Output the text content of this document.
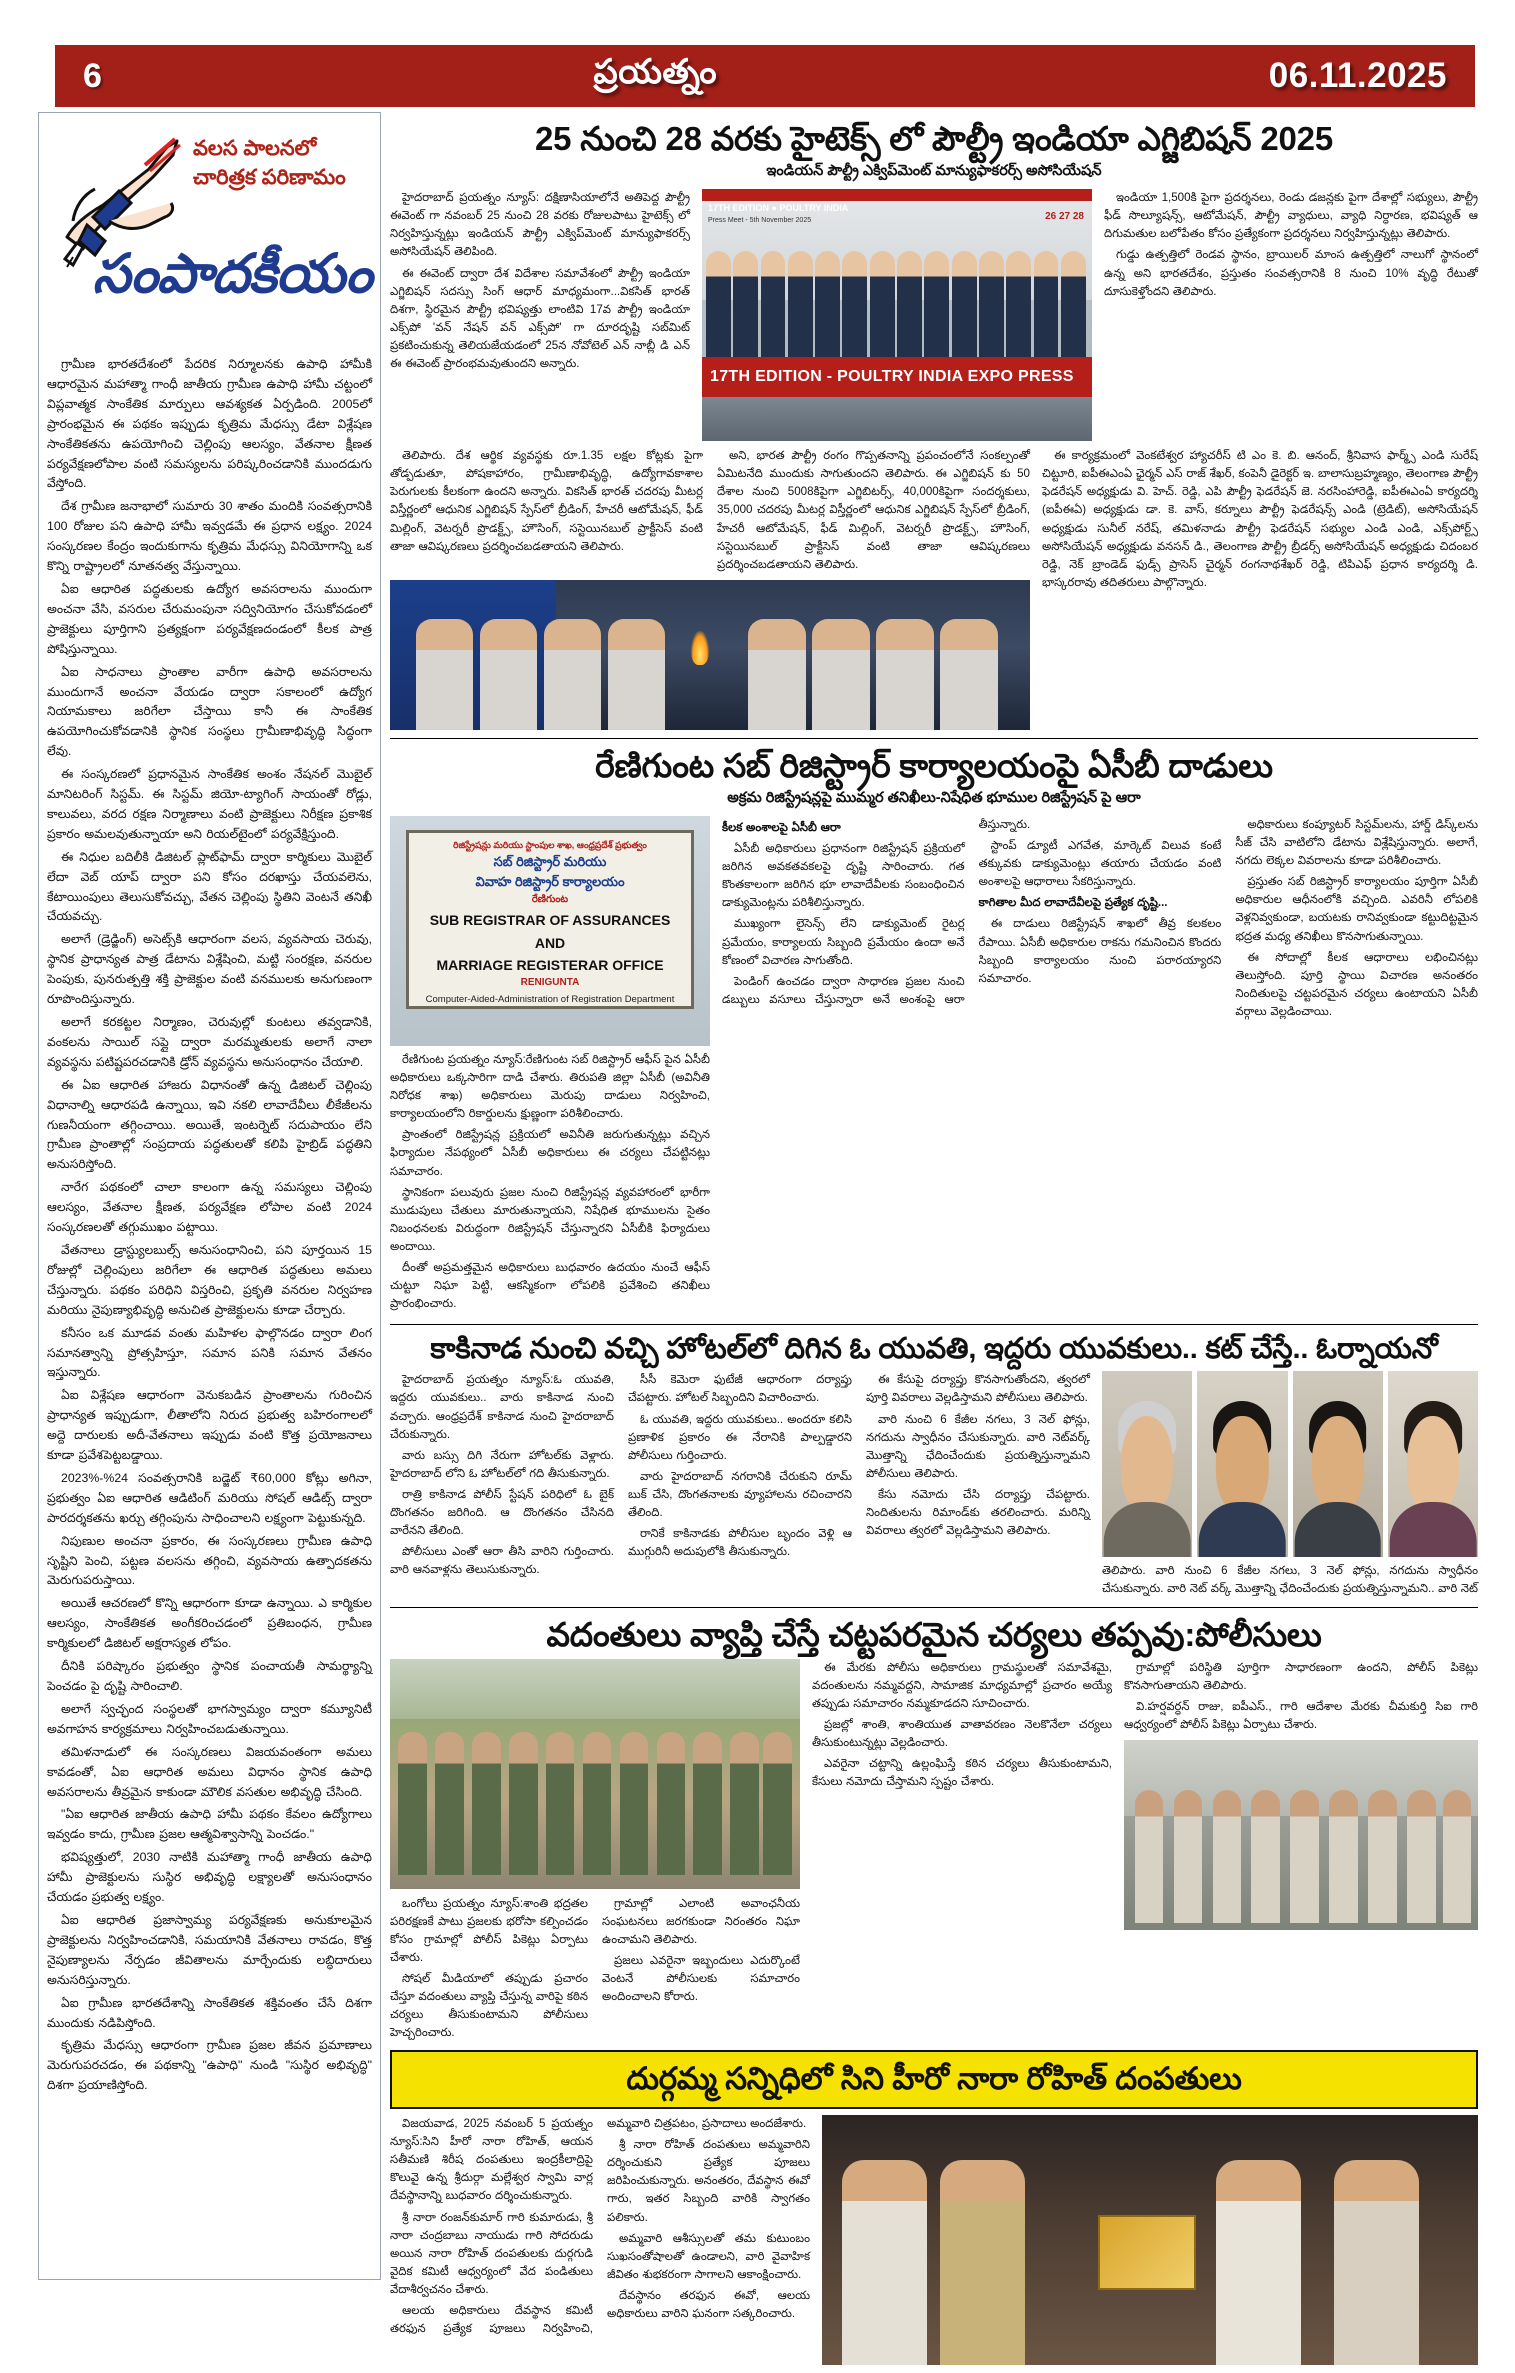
6	ప్రయత్నం	06.11.2025
వలస పాలనలో
చారిత్రక పరిణామం
సంపాదకీయం

గ్రామీణ భారతదేశంలో పేదరిక నిర్మూలనకు ఉపాధి హామీకి ఆధారమైన మహాత్మా గాంధీ జాతీయ గ్రామీణ ఉపాధి హామీ చట్టంలో విప్లవాత్మక సాంకేతిక మార్పులు ఆవశ్యకత ఏర్పడింది. 2005లో ప్రారంభమైన ఈ పథకం ఇప్పుడు కృత్రిమ మేధస్సు డేటా విశ్లేషణ సాంకేతికతను ఉపయోగించి చెల్లింపు ఆలస్యం, వేతనాల క్షీణత పర్యవేక్షణలోపాల వంటి సమస్యలను పరిష్కరించడానికి ముందడుగు వేస్తోంది.

దేశ గ్రామీణ జనాభాలో సుమారు 30 శాతం మందికి సంవత్సరానికి 100 రోజుల పని ఉపాధి హామీ ఇవ్వడమే ఈ ప్రధాన లక్ష్యం. 2024 సంస్కరణల కేంద్రం ఇందుకుగాను కృత్రిమ మేధస్సు వినియోగాన్ని ఒక కొన్ని రాష్ట్రాలలో నూతనత్వ వేస్తున్నాయి.

ఏఐ ఆధారిత పద్ధతులకు ఉద్యోగ అవసరాలను ముందుగా అంచనా వేసి, వసరుల చేరుమంపునా సద్వినియోగం చేసుకోవడంలో ప్రాజెక్టులు పూర్తిగాని ప్రత్యక్షంగా పర్యవేక్షణదండంలో కీలక పాత్ర పోషిస్తున్నాయి.

ఏఐ సాధనాలు ప్రాంతాల వారీగా ఉపాధి అవసరాలను ముందుగానే అంచనా వేయడం ద్వారా సకాలంలో ఉద్యోగ నియామకాలు జరిగేలా చేస్తాయి కానీ ఈ సాంకేతిక ఉపయోగించుకోవడానికి స్థానిక సంస్థలు గ్రామీణాభివృద్ధి సిద్ధంగా లేవు.

ఈ సంస్కరణలో ప్రధానమైన సాంకేతిక అంశం నేషనల్ మొబైల్ మానిటరింగ్ సిస్టమ్. ఈ సిస్టమ్ జియో-ట్యాగింగ్ సాయంతో రోడ్లు, కాలువలు, వరద రక్షణ నిర్మాణాలు వంటి ప్రాజెక్టులు నిరీక్షణ ప్రకాశిక ప్రకారం అమలవుతున్నాయా అని రియల్‌టైంలో పర్యవేక్షిస్తుంది.

ఈ నిధుల బదిలీకి డిజిటల్ ప్లాట్‌ఫామ్ ద్వారా కార్మికులు మొబైల్ లేదా వెబ్ యాప్ ద్వారా పని కోసం దరఖాస్తు చేయవలెను, కేటాయింపులు తెలుసుకోవచ్చు, వేతన చెల్లింపు స్థితిని వెంటనే తనిఖీ చేయవచ్చు.

అలాగే (డ్రెడ్జింగ్) అసెట్స్‌కి ఆధారంగా వలస, వ్యవసాయ చెరువు, స్థానిక ప్రాధాన్యత పాత్ర డేటాను విశ్లేషించి, మట్టి సంరక్షణ, వనరుల పెంపుకు, పునరుత్పత్తి శక్తి ప్రాజెక్టుల వంటి వనములకు అనుగుణంగా రూపొందిస్తున్నారు.

అలాగే కరకట్టల నిర్మాణం, చెరువుల్లో కుంటలు తవ్వడానికి, వంకలను సాయిల్ సప్లై ద్వారా మరమ్మతులకు అలాగే నాలా వ్యవస్థను పటిష్టపరచడానికి డ్రోన్ వ్యవస్థను అనుసంధానం చేయాలి.

ఈ ఏఐ ఆధారిత హాజరు విధానంతో ఉన్న డిజిటల్ చెల్లింపు విధానాల్ని ఆధారపడి ఉన్నాయి, ఇవి నకలి లావాదేవీలు లీకేజీలను గుణనీయంగా తగ్గించాయి. అయితే, ఇంటర్నెట్ సదుపాయం లేని గ్రామీణ ప్రాంతాల్లో సంప్రదాయ పద్ధతులతో కలిపి హైబ్రిడ్ పద్ధతిని అనుసరిస్తోంది.

నారేగ పథకంలో చాలా కాలంగా ఉన్న సమస్యలు చెల్లింపు ఆలస్యం, వేతనాల క్షీణత, పర్యవేక్షణ లోపాల వంటి 2024 సంస్కరణలతో తగ్గుముఖం పట్టాయి.

వేతనాలు డ్రాస్ట్యులబుల్స్ అనుసంధానించి, పని పూర్తయిన 15 రోజుల్లో చెల్లింపులు జరిగేలా ఈ ఆధారిత పద్ధతులు అమలు చేస్తున్నారు. పథకం పరిధిని విస్తరించి, ప్రకృతి వనరుల నిర్వహణ మరియు నైపుణ్యాభివృద్ధి అనుచిత ప్రాజెక్టులను కూడా చేర్చారు.

కనీసం ఒక మూడవ వంతు మహిళల ఫాల్గొనడం ద్వారా లింగ సమానత్వాన్ని ప్రోత్సహిస్తూ, సమాన పనికి సమాన వేతనం ఇస్తున్నారు.

ఏఐ విశ్లేషణ ఆధారంగా వెనుకబడిన ప్రాంతాలను గురించిన ప్రాధాన్యత ఇప్పుడుగా, లీతాలోని నిరుద ప్రభుత్వ బహిరంగాలలో అద్దె దారులకు అదీ-వేతనాలు ఇప్పుడు వంటి కొత్త ప్రయోజనాలు కూడా ప్రవేశపెట్టబడ్డాయి.

2023%-%24 సంవత్సరానికి బడ్జెట్ ₹60,000 కోట్లు అగినా, ప్రభుత్వం ఏఐ ఆధారిత ఆడిటింగ్ మరియు సోషల్ ఆడిట్స్ ద్వారా పారదర్శకతను ఖర్చు తగ్గింపును సాధించాలని లక్ష్యంగా పెట్టుకున్నది.

నిపుణుల అంచనా ప్రకారం, ఈ సంస్కరణలు గ్రామీణ ఉపాధి సృష్టిని పెంచి, పట్టణ వలసను తగ్గించి, వ్యవసాయ ఉత్పాదకతను మెరుగుపరుస్తాయి.

అయితే ఆచరణలో కొన్ని ఆధారంగా కూడా ఉన్నాయి. ఎ కార్మికుల ఆలస్యం, సాంకేతికత అంగీకరించడంలో ప్రతిబంధన, గ్రామీణ కార్మికులలో డిజిటల్ అక్షరాస్యత లోపం.

దీనికి పరిష్కారం ప్రభుత్వం స్థానిక పంచాయతీ సామర్థ్యాన్ని పెంచడం పై దృష్టి సారించాలి.

అలాగే స్వచ్ఛంద సంస్థలతో భాగస్వామ్యం ద్వారా కమ్యూనిటీ అవగాహన కార్యక్రమాలు నిర్వహించబడుతున్నాయి.

తమిళనాడులో ఈ సంస్కరణలు విజయవంతంగా అమలు కావడంతో, ఏఐ ఆధారిత అమలు విధానం స్థానిక ఉపాధి అవసరాలను తీవ్రమైన కాకుండా మౌలిక వసతుల అభివృద్ధి చేసింది.

"ఏఐ ఆధారిత జాతీయ ఉపాధి హామీ పథకం కేవలం ఉద్యోగాలు ఇవ్వడం కాదు, గ్రామీణ ప్రజల ఆత్మవిశ్వాసాన్ని పెంచడం."

భవిష్యత్తులో, 2030 నాటికి మహాత్మా గాంధీ జాతీయ ఉపాధి హామీ ప్రాజెక్టులను సుస్థిర అభివృద్ధి లక్ష్యాలతో అనుసంధానం చేయడం ప్రభుత్వ లక్ష్యం.

ఏఐ ఆధారిత ప్రజాస్వామ్య పర్యవేక్షణకు అనుకూలమైన ప్రాజెక్టులను నిర్వహించడానికి, సమయానికి వేతనాలు రావడం, కొత్త నైపుణ్యాలను నేర్పడం జీవితాలను మార్చేందుకు లబ్ధిదారులు అనుసరిస్తున్నారు.

ఏఐ గ్రామీణ భారతదేశాన్ని సాంకేతికత శక్తివంతం చేసే దిశగా ముందుకు నడిపిస్తోంది.

కృత్రిమ మేధస్సు ఆధారంగా గ్రామీణ ప్రజల జీవన ప్రమాణాలు మెరుగుపరచడం, ఈ పథకాన్ని "ఉపాధి" నుండి "సుస్థిర అభివృద్ధి" దిశగా ప్రయాణిస్తోంది.

25 నుంచి 28 వరకు హైటెక్స్ లో పౌల్ట్రీ ఇండియా ఎగ్జిబిషన్ 2025
ఇండియన్ పౌల్ట్రీ ఎక్విప్‌మెంట్ మాన్యుఫాకరర్స్ అసోసియేషన్

హైదరాబాద్ ప్రయత్నం న్యూస్: దక్షిణాసియాలోనే అతిపెద్ద పౌల్ట్రీ ఈవెంట్ గా నవంబర్ 25 నుంచి 28 వరకు రోజులపాటు హైటెక్స్ లో నిర్వహిస్తున్నట్లు ఇండియన్ పౌల్ట్రీ ఎక్విప్‌మెంట్ మాన్యుఫాకరర్స్ అసోసియేషన్ తెలిపింది.

ఈ ఈవెంట్ ద్వారా దేశ విదేశాల సమావేశంలో పౌల్ట్రీ ఇండియా ఎగ్జిబిషన్ సదస్సు సింగ్ ఆధార్ మాధ్యమంగా...వికసిత్ భారత్ దిశగా, స్థిరమైన పౌల్ట్రీ భవిష్యత్తు లాంటివి 17వ పౌల్ట్రీ ఇండియా ఎక్స్‌పో 'వన్ నేషన్ వన్ ఎక్స్‌పో' గా దూరదృష్టి సబ్‌మిట్ ప్రకటించుకున్న తెలియజేయడంలో 25న నోవోటెల్ ఎన్ నాబ్లీ డి ఎన్ ఈ ఈవెంట్ ప్రారంభమవుతుందని అన్నారు.

17TH EDITION ● POULTRY INDIA
Press Meet - 5th November 2025	26 27 28
17TH EDITION - POULTRY INDIA EXPO PRESS

ఇండియా 1,500కి పైగా ప్రదర్శనలు, రెండు డజన్లకు పైగా దేశాల్లో సభ్యులు, పౌల్ట్రీ ఫీడ్ సొల్యూషన్స్, ఆటోమేషన్, పౌల్ట్రీ వ్యాధులు, వ్యాధి నిర్ధారణ, భవిష్యత్ ఆ దిగుమతుల బలోపేతం కోసం ప్రత్యేకంగా ప్రదర్శనలు నిర్వహిస్తున్నట్లు తెలిపారు.

గుడ్డు ఉత్పత్తిలో రెండవ స్థానం, బ్రాయిలర్ మాంస ఉత్పత్తిలో నాలుగో స్థానంలో ఉన్న అని భారతదేశం, ప్రస్తుతం సంవత్సరానికి 8 నుంచి 10% వృద్ధి రేటుతో దూసుకెళ్తోందని తెలిపారు.

తెలిపారు. దేశ ఆర్థిక వ్యవస్థకు రూ.1.35 లక్షల కోట్లకు పైగా తోడ్పడుతూ, పోషకాహారం, గ్రామీణాభివృద్ధి, ఉద్యోగావకాశాల పెరుగులకు కీలకంగా ఉందని అన్నారు. వికసిత్ భారత్ చదరపు మీటర్ల విస్తీర్ణంలో ఆధునిక ఎగ్జిబిషన్ స్పేస్‌లో బ్రీడింగ్, హేచరీ ఆటోమేషన్, ఫీడ్ మిల్లింగ్, వెటర్నరీ ప్రొడక్ట్స్, హౌసింగ్, సస్టెయినబుల్ ప్రాక్టీసెస్ వంటి తాజా ఆవిష్కరణలు ప్రదర్శించబడతాయని తెలిపారు.

అని, భారత పౌల్ట్రీ రంగం గొప్పతనాన్ని ప్రపంచంలోనే సంకల్పంతో ఏమిటనేది ముందుకు సాగుతుందని తెలిపారు. ఈ ఎగ్జిబిషన్ కు 50 దేశాల నుంచి 5008కిపైగా ఎగ్జిబిటర్స్, 40,000కిపైగా సందర్శకులు, 35,000 చదరపు మీటర్ల విస్తీర్ణంలో ఆధునిక ఎగ్జిబిషన్ స్పేస్‌లో బ్రీడింగ్, హేచరీ ఆటోమేషన్, ఫీడ్ మిల్లింగ్, వెటర్నరీ ప్రొడక్ట్స్, హౌసింగ్, సస్టెయినబుల్ ప్రాక్టీసెస్ వంటి తాజా ఆవిష్కరణలు ప్రదర్శించబడతాయని తెలిపారు.

ఈ కార్యక్రమంలో వెంకటేశ్వర హ్యాచరీస్ టి ఎం కె. బి. ఆనంద్, శ్రీనివాస ఫార్మ్స్ ఎండి సురేష్ చిట్టూరి, ఐపీఈఎంఏ ఛైర్మన్ ఎస్ రాజ్ శేఖర్, కంపెనీ డైరెక్టర్ ఇ. బాలాసుబ్రహ్మణ్యం, తెలంగాణ పౌల్ట్రీ ఫెడరేషన్ అధ్యక్షుడు వి. హెచ్. రెడ్డి, ఎపి పౌల్ట్రీ ఫెడరేషన్ జె. నరసింహారెడ్డి, ఐపీఈఎంఏ కార్యదర్శి (ఐపీఈఏ) అధ్యక్షుడు డా. కె. వాస్, కర్నూలు పౌల్ట్రీ ఫెడరేషన్స్ ఎండి (ట్రెడిట్), అసోసియేషన్ అధ్యక్షుడు సునీల్ నరేష్, తమిళనాడు పౌల్ట్రీ ఫెడరేషన్ సభ్యుల ఎండి ఎండి, ఎక్స్‌పోర్ట్స్ అసోసియేషన్ అధ్యక్షుడు వనసన్ డి., తెలంగాణ పౌల్ట్రీ బ్రీడర్స్ అసోసియేషన్ అధ్యక్షుడు చిదంబర రెడ్డి, నెక్ బ్రాండెడ్ ఫుడ్స్ ప్రాసెస్ చైర్మన్ రంగనాథశేఖర్ రెడ్డి, టిపిఎఫ్ ప్రధాన కార్యదర్శి డి. భాస్కరరావు తదితరులు పాల్గొన్నారు.

రేణిగుంట సబ్ రిజిస్ట్రార్ కార్యాలయంపై ఏసీబీ దాడులు
అక్రమ రిజిస్ట్రేషన్లపై ముమ్మర తనిఖీలు-నిషేధిత భూముల రిజిస్ట్రేషన్ పై ఆరా
రిజిస్ట్రేషన్లు మరియు స్టాంపుల శాఖ, ఆంధ్రప్రదేశ్ ప్రభుత్వం
సబ్ రిజిస్ట్రార్ మరియు
వివాహ రిజిస్ట్రార్ కార్యాలయం
రేణిగుంట
SUB REGISTRAR OF ASSURANCES
AND
MARRIAGE REGISTERAR OFFICE
RENIGUNTA
Computer-Aided-Administration of Registration Department

రేణిగుంట ప్రయత్నం న్యూస్:రేణిగుంట సబ్ రిజిస్ట్రార్ ఆఫీస్ పైన ఏసీబీ అధికారులు ఒక్కసారిగా దాడి చేశారు. తిరుపతి జిల్లా ఏసీబీ (అవినీతి నిరోధక శాఖ) అధికారులు మెరుపు దాడులు నిర్వహించి, కార్యాలయంలోని రికార్డులను క్షుణ్ణంగా పరిశీలించారు.

ప్రాంతంలో రిజిస్ట్రేషన్ల ప్రక్రియలో అవినీతి జరుగుతున్నట్లు వచ్చిన ఫిర్యాదుల నేపథ్యంలో ఏసీబీ అధికారులు ఈ చర్యలు చేపట్టినట్లు సమాచారం.

స్థానికంగా పలువురు ప్రజల నుంచి రిజిస్ట్రేషన్ల వ్యవహారంలో భారీగా ముడుపులు చేతులు మారుతున్నాయని, నిషేధిత భూములను సైతం నిబంధనలకు విరుద్ధంగా రిజిస్ట్రేషన్ చేస్తున్నారని ఏసీబీకి ఫిర్యాదులు అందాయి.

దీంతో అప్రమత్తమైన అధికారులు బుధవారం ఉదయం నుంచే ఆఫీస్ చుట్టూ నిఘా పెట్టి, ఆకస్మికంగా లోపలికి ప్రవేశించి తనిఖీలు ప్రారంభించారు.

కీలక అంశాలపై ఏసీబీ ఆరా

ఏసీబీ అధికారులు ప్రధానంగా రిజిస్ట్రేషన్ ప్రక్రియలో జరిగిన అవకతవకలపై దృష్టి సారించారు. గత కొంతకాలంగా జరిగిన భూ లావాదేవీలకు సంబంధించిన డాక్యుమెంట్లను పరిశీలిస్తున్నారు.

ముఖ్యంగా లైసెన్స్ లేని డాక్యుమెంట్ రైటర్ల ప్రమేయం, కార్యాలయ సిబ్బంది ప్రమేయం ఉందా అనే కోణంలో విచారణ సాగుతోంది.

పెండింగ్ ఉంచడం ద్వారా సాధారణ ప్రజల నుంచి డబ్బులు వసూలు చేస్తున్నారా అనే అంశంపై ఆరా తీస్తున్నారు.

స్టాంప్ డ్యూటీ ఎగవేత, మార్కెట్ విలువ కంటే తక్కువకు డాక్యుమెంట్లు తయారు చేయడం వంటి అంశాలపై ఆధారాలు సేకరిస్తున్నారు.

కాగితాల మీద లావాదేవీలపై ప్రత్యేక దృష్టి...

ఈ దాడులు రిజిస్ట్రేషన్ శాఖలో తీవ్ర కలకలం రేపాయి. ఏసీబీ అధికారుల రాకను గమనించిన కొందరు సిబ్బంది కార్యాలయం నుంచి పరారయ్యారని సమాచారం.

అధికారులు కంప్యూటర్ సిస్టమ్‌లను, హార్డ్ డిస్క్‌లను సీజ్ చేసి వాటిలోని డేటాను విశ్లేషిస్తున్నారు. అలాగే, నగదు లెక్కల వివరాలను కూడా పరిశీలించారు.

ప్రస్తుతం సబ్ రిజిస్ట్రార్ కార్యాలయం పూర్తిగా ఏసీబీ అధికారుల ఆధీనంలోకి వచ్చింది. ఎవరినీ లోపలికి వెళ్లనివ్వకుండా, బయటకు రానివ్వకుండా కట్టుదిట్టమైన భద్రత మధ్య తనిఖీలు కొనసాగుతున్నాయి.

ఈ సోదాల్లో కీలక ఆధారాలు లభించినట్లు తెలుస్తోంది. పూర్తి స్థాయి విచారణ అనంతరం నిందితులపై చట్టపరమైన చర్యలు ఉంటాయని ఏసీబీ వర్గాలు వెల్లడించాయి.

కాకినాడ నుంచి వచ్చి హోటల్‌లో దిగిన ఓ యువతి, ఇద్దరు యువకులు.. కట్ చేస్తే.. ఓర్నాయనో

హైదరాబాద్ ప్రయత్నం న్యూస్:ఓ యువతి, ఇద్దరు యువకులు.. వారు కాకినాడ నుంచి వచ్చారు. ఆంధ్రప్రదేశ్ కాకినాడ నుంచి హైదరాబాద్ చేరుకున్నారు.

వారు బస్సు దిగి నేరుగా హోటల్‌కు వెళ్లారు. హైదరాబాద్ లోని ఓ హోటల్‌లో గది తీసుకున్నారు.

రాత్రి కాకినాడ పోలీస్ స్టేషన్ పరిధిలో ఓ బైక్ దొంగతనం జరిగింది. ఆ దొంగతనం చేసినది వారేనని తేలింది.

పోలీసులు ఎంతో ఆరా తీసి వారిని గుర్తించారు. వారి ఆనవాళ్లను తెలుసుకున్నారు.

సీసీ కెమెరా ఫుటేజీ ఆధారంగా దర్యాప్తు చేపట్టారు. హోటల్ సిబ్బందిని విచారించారు.

ఓ యువతి, ఇద్దరు యువకులు.. అందరూ కలిసి ప్రణాళిక ప్రకారం ఈ నేరానికి పాల్పడ్డారని పోలీసులు గుర్తించారు.

వారు హైదరాబాద్ నగరానికి చేరుకుని రూమ్ బుక్ చేసి, దొంగతనాలకు వ్యూహాలను రచించారని తేలింది.

రానికే కాకినాడకు పోలీసుల బృందం వెళ్లి ఆ ముగ్గురినీ అదుపులోకి తీసుకున్నారు.

ఈ కేసుపై దర్యాప్తు కొనసాగుతోందని, త్వరలో పూర్తి వివరాలు వెల్లడిస్తామని పోలీసులు తెలిపారు.

వారి నుంచి 6 కేజీల నగలు, 3 నెల్ ఫోన్లు, నగదును స్వాధీనం చేసుకున్నారు. వారి నెట్‌వర్క్ మొత్తాన్ని ఛేదించేందుకు ప్రయత్నిస్తున్నామని పోలీసులు తెలిపారు.

కేసు నమోదు చేసి దర్యాప్తు చేపట్టారు. నిందితులను రిమాండ్‌కు తరలించారు. మరిన్ని వివరాలు త్వరలో వెల్లడిస్తామని తెలిపారు.

తెలిపారు. వారి నుంచి 6 కేజీల నగలు, 3 నెల్ ఫోన్లు, నగదును స్వాధీనం చేసుకున్నారు. వారి నెట్ వర్క్ మొత్తాన్ని ఛేదించేందుకు ప్రయత్నిస్తున్నామని.. వారి నెట్
వదంతులు వ్యాప్తి చేస్తే చట్టపరమైన చర్యలు తప్పవు:పోలీసులు

ఒంగోలు ప్రయత్నం న్యూస్:శాంతి భద్రతల పరిరక్షణకే పాటు ప్రజలకు భరోసా కల్పించడం కోసం గ్రామాల్లో పోలీస్ పికెట్లు ఏర్పాటు చేశారు.

సోషల్ మీడియాలో తప్పుడు ప్రచారం చేస్తూ వదంతులు వ్యాప్తి చేస్తున్న వారిపై కఠిన చర్యలు తీసుకుంటామని పోలీసులు హెచ్చరించారు.

గ్రామాల్లో ఎలాంటి అవాంఛనీయ సంఘటనలు జరగకుండా నిరంతరం నిఘా ఉంచామని తెలిపారు.

ప్రజలు ఎవరైనా ఇబ్బందులు ఎదుర్కొంటే వెంటనే పోలీసులకు సమాచారం అందించాలని కోరారు.

ఈ మేరకు పోలీసు అధికారులు గ్రామస్థులతో సమావేశమై, వదంతులను నమ్మవద్దని, సామాజిక మాధ్యమాల్లో ప్రచారం అయ్యే తప్పుడు సమాచారం నమ్మకూడదని సూచించారు.

ప్రజల్లో శాంతి, శాంతియుత వాతావరణం నెలకొనేలా చర్యలు తీసుకుంటున్నట్లు వెల్లడించారు.

ఎవరైనా చట్టాన్ని ఉల్లంఘిస్తే కఠిన చర్యలు తీసుకుంటామని, కేసులు నమోదు చేస్తామని స్పష్టం చేశారు.

గ్రామాల్లో పరిస్థితి పూర్తిగా సాధారణంగా ఉందని, పోలీస్ పికెట్లు కొనసాగుతాయని తెలిపారు.

వి.హర్షవర్ధన్ రాజు, ఐపీఎస్., గారి ఆదేశాల మేరకు చీమకుర్తి సిఐ గారి ఆధ్వర్యంలో పోలీస్ పికెట్లు ఏర్పాటు చేశారు.

దుర్గమ్మ సన్నిధిలో సిని హీరో నారా రోహిత్ దంపతులు

విజయవాడ, 2025 నవంబర్ 5 ప్రయత్నం న్యూస్:సిని హీరో నారా రోహిత్, ఆయన సతీమణి శిరీష దంపతులు ఇంద్రకీలాద్రిపై కొలువై ఉన్న శ్రీదుర్గా మల్లేశ్వర స్వామి వార్ల దేవస్థానాన్ని బుధవారం దర్శించుకున్నారు.

శ్రీ నారా రంజన్‌కుమార్ గారి కుమారుడు, శ్రీ నారా చంద్రబాబు నాయుడు గారి సోదరుడు అయిన నారా రోహిత్ దంపతులకు దుర్గగుడి వైదిక కమిటీ ఆధ్వర్యంలో వేద పండితులు వేదాశీర్వచనం చేశారు.

ఆలయ అధికారులు దేవస్థాన కమిటీ తరఫున ప్రత్యేక పూజలు నిర్వహించి, అమ్మవారి చిత్రపటం, ప్రసాదాలు అందజేశారు.

శ్రీ నారా రోహిత్ దంపతులు అమ్మవారిని దర్శించుకుని ప్రత్యేక పూజలు జరిపించుకున్నారు. అనంతరం, దేవస్థాన ఈవో గారు, ఇతర సిబ్బంది వారికి స్వాగతం పలికారు.

అమ్మవారి ఆశీస్సులతో తమ కుటుంబం సుఖసంతోషాలతో ఉండాలని, వారి వైవాహిక జీవితం శుభకరంగా సాగాలని ఆకాంక్షించారు.

దేవస్థానం తరఫున ఈవో, ఆలయ అధికారులు వారిని ఘనంగా సత్కరించారు.
